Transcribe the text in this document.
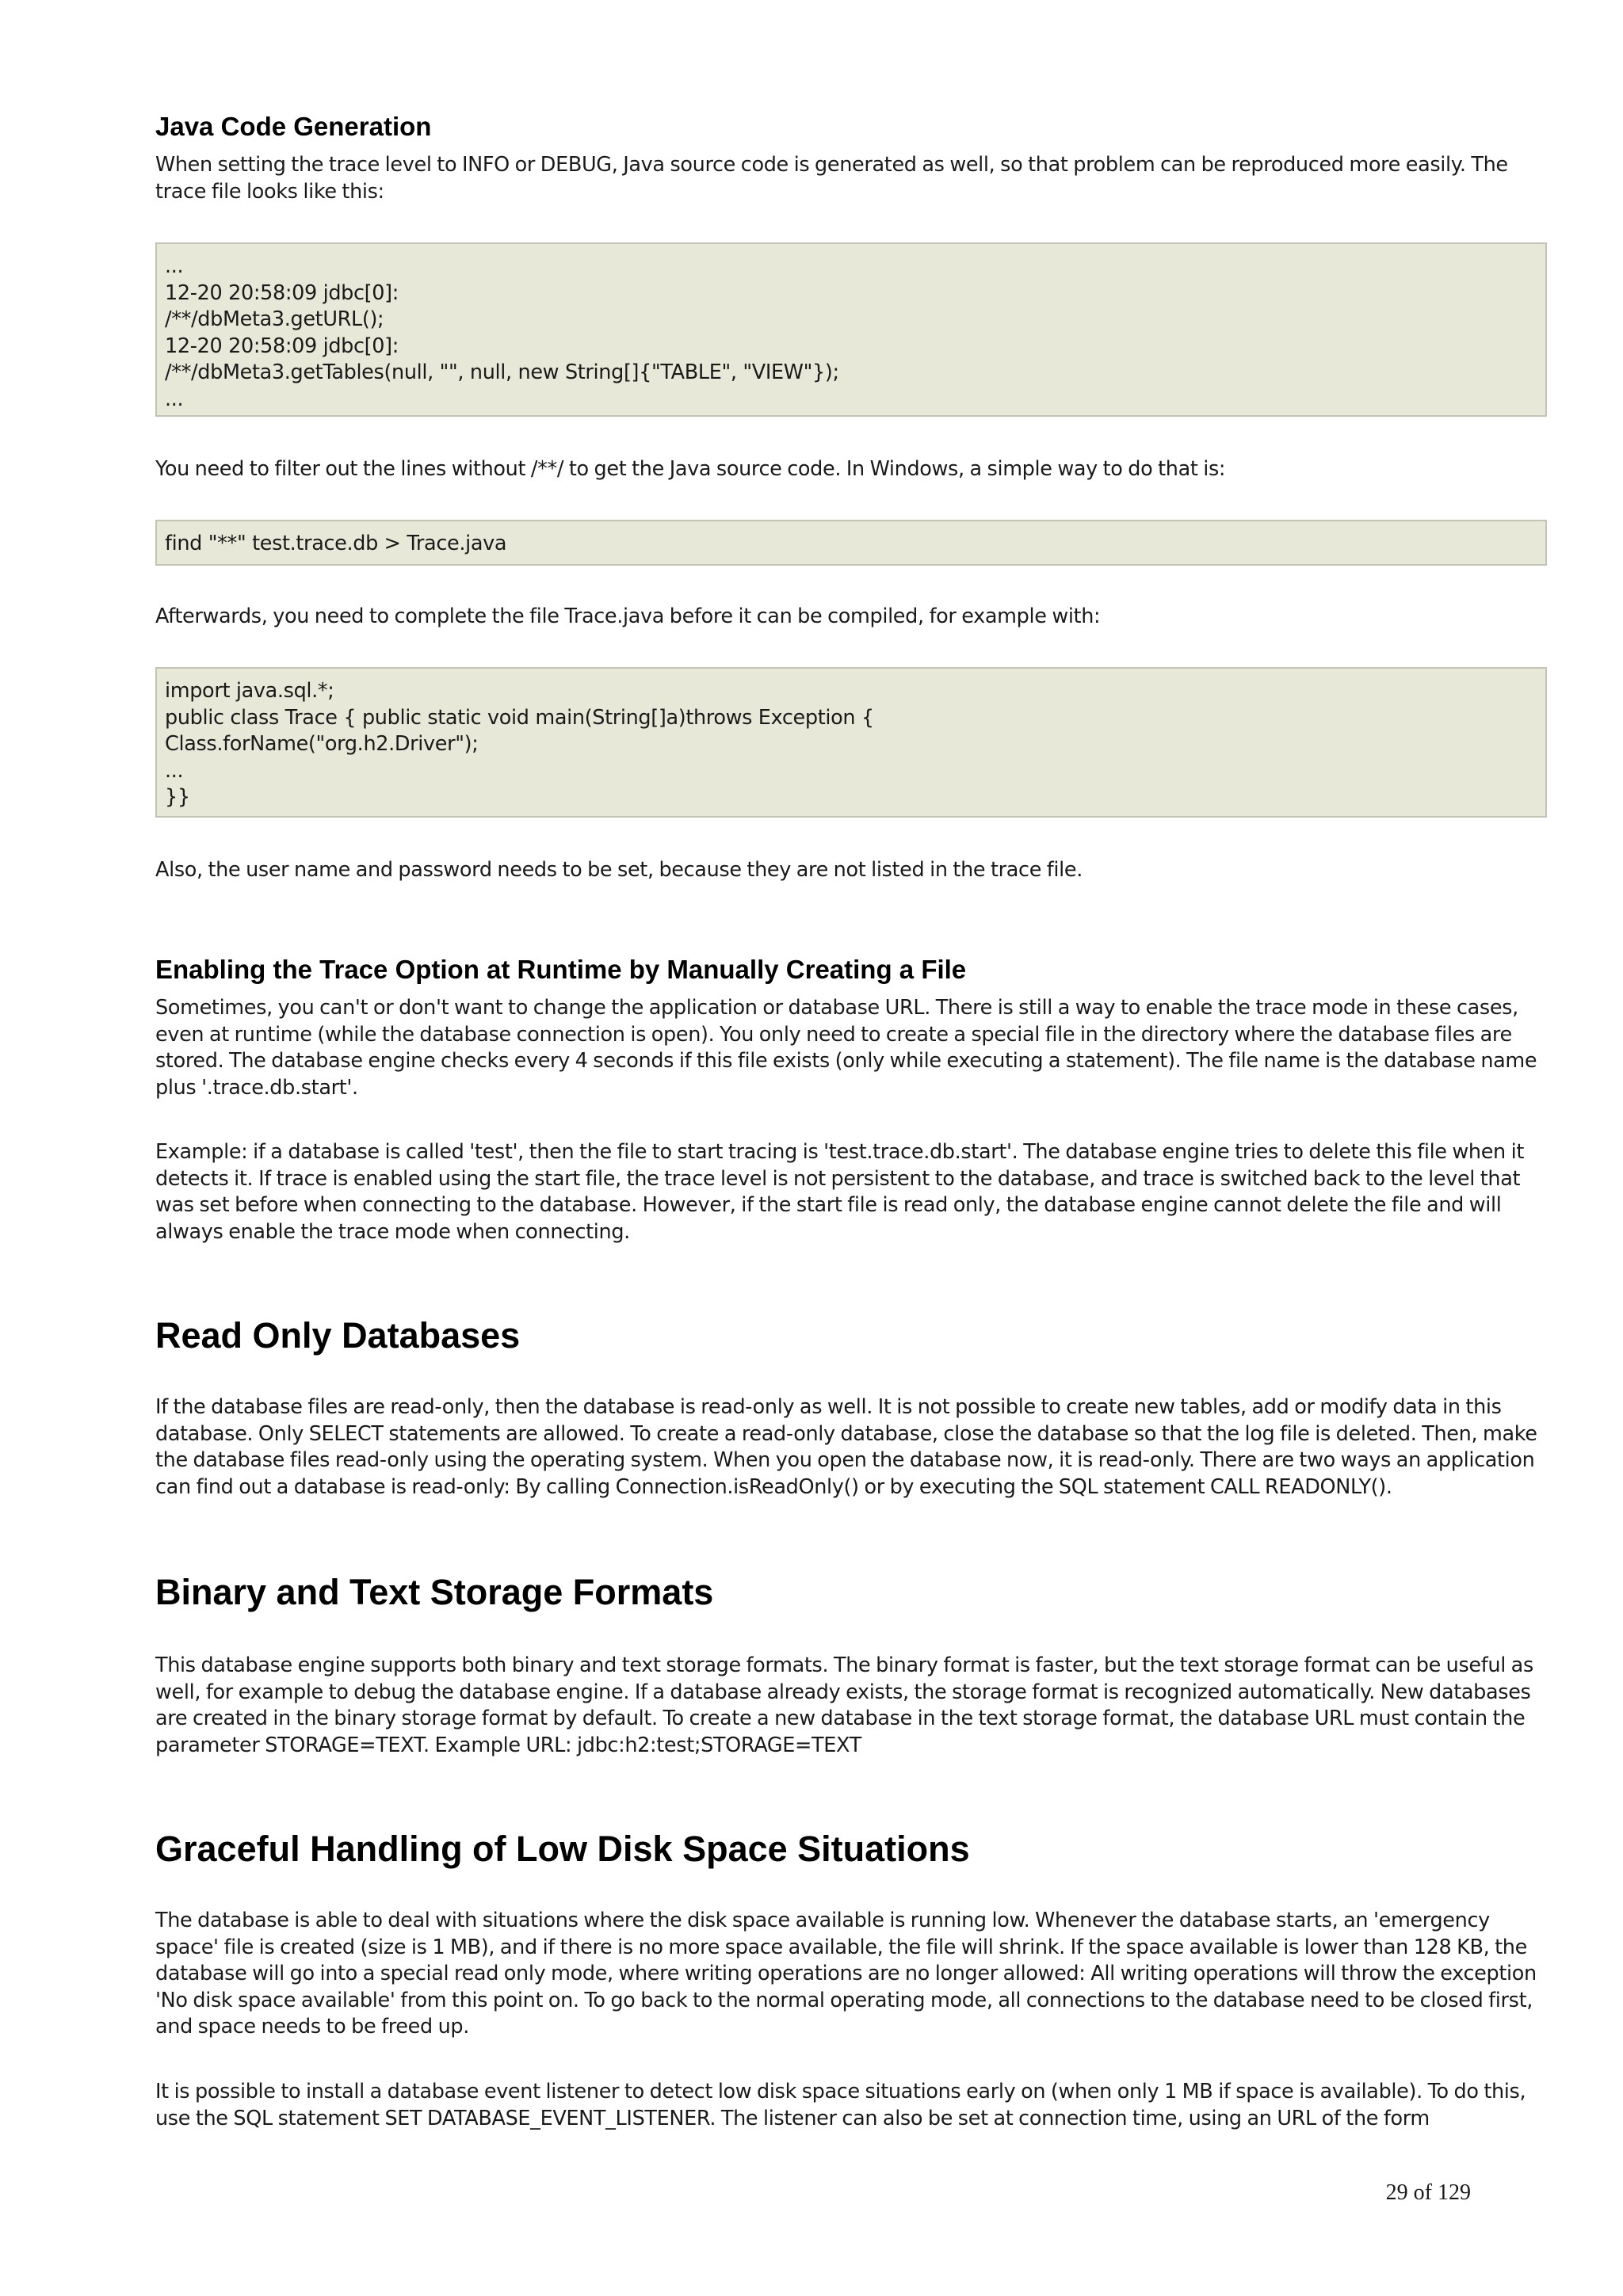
Java Code Generation

When setting the trace level to INFO or DEBUG, Java source code is generated as well, so that problem can be reproduced more easily. The trace file looks like this:

...
12-20 20:58:09 jdbc[0]:
/**/dbMeta3.getURL();
12-20 20:58:09 jdbc[0]:
/**/dbMeta3.getTables(null, "", null, new String[]{"TABLE", "VIEW"});
...

You need to filter out the lines without /**/ to get the Java source code. In Windows, a simple way to do that is:

find "**" test.trace.db > Trace.java

Afterwards, you need to complete the file Trace.java before it can be compiled, for example with:

import java.sql.*;
public class Trace { public static void main(String[]a)throws Exception {
Class.forName("org.h2.Driver");
...
}}

Also, the user name and password needs to be set, because they are not listed in the trace file.

Enabling the Trace Option at Runtime by Manually Creating a File

Sometimes, you can't or don't want to change the application or database URL. There is still a way to enable the trace mode in these cases, even at runtime (while the database connection is open). You only need to create a special file in the directory where the database files are stored. The database engine checks every 4 seconds if this file exists (only while executing a statement). The file name is the database name plus '.trace.db.start'.

Example: if a database is called 'test', then the file to start tracing is 'test.trace.db.start'. The database engine tries to delete this file when it detects it. If trace is enabled using the start file, the trace level is not persistent to the database, and trace is switched back to the level that was set before when connecting to the database. However, if the start file is read only, the database engine cannot delete the file and will always enable the trace mode when connecting.

Read Only Databases

If the database files are read-only, then the database is read-only as well. It is not possible to create new tables, add or modify data in this database. Only SELECT statements are allowed. To create a read-only database, close the database so that the log file is deleted. Then, make the database files read-only using the operating system. When you open the database now, it is read-only. There are two ways an application can find out a database is read-only: By calling Connection.isReadOnly() or by executing the SQL statement CALL READONLY().

Binary and Text Storage Formats

This database engine supports both binary and text storage formats. The binary format is faster, but the text storage format can be useful as well, for example to debug the database engine. If a database already exists, the storage format is recognized automatically. New databases are created in the binary storage format by default. To create a new database in the text storage format, the database URL must contain the parameter STORAGE=TEXT. Example URL: jdbc:h2:test;STORAGE=TEXT

Graceful Handling of Low Disk Space Situations

The database is able to deal with situations where the disk space available is running low. Whenever the database starts, an 'emergency space' file is created (size is 1 MB), and if there is no more space available, the file will shrink. If the space available is lower than 128 KB, the database will go into a special read only mode, where writing operations are no longer allowed: All writing operations will throw the exception 'No disk space available' from this point on. To go back to the normal operating mode, all connections to the database need to be closed first, and space needs to be freed up.

It is possible to install a database event listener to detect low disk space situations early on (when only 1 MB if space is available). To do this, use the SQL statement SET DATABASE_EVENT_LISTENER. The listener can also be set at connection time, using an URL of the form

29 of 129
